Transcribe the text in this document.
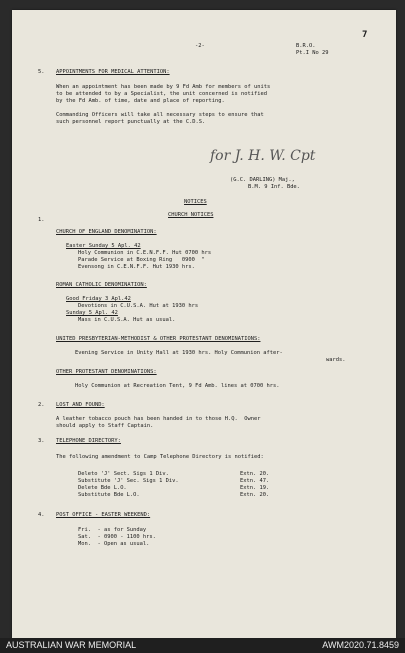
-2-	B.R.O.
Pt.I No 29
7
5. APPOINTMENTS FOR MEDICAL ATTENTION:
When an appointment has been made by 9 Fd Amb for members of units
to be attended to by a Specialist, the unit concerned is notified
by the Fd Amb. of time, date and place of reporting.
Commanding Officers will take all necessary steps to ensure that
such personnel report punctually at the C.D.S.
for J. H. W. Cpt
(G.C. DARLING) Maj.,
B.M. 9 Inf. Bde.
NOTICES
CHURCH NOTICES
1.
CHURCH OF ENGLAND DENOMINATION:
Easter Sunday 5 Apl. 42
Holy Communion in C.E.N.F.F. Hut 0700 hrs
Parade Service at Boxing Ring   0900  "
Evensong in C.E.N.F.F. Hut 1930 hrs.
ROMAN CATHOLIC DENOMINATION:
Good Friday 3 Apl.42
Devotions in C.U.S.A. Hut at 1930 hrs
Sunday 5 Apl. 42
Mass in C.U.S.A. Hut as usual.
UNITED PRESBYTERIAN-METHODIST & OTHER PROTESTANT DENOMINATIONS:
Evening Service in Unity Hall at 1930 hrs. Holy Communion after-
wards.
OTHER PROTESTANT DENOMINATIONS:
Holy Communion at Recreation Tent, 9 Fd Amb. lines at 0700 hrs.
2. LOST AND FOUND:
A leather tobacco pouch has been handed in to those H.Q.  Owner
should apply to Staff Captain.
3. TELEPHONE DIRECTORY:
The following amendment to Camp Telephone Directory is notified:
Deleto 'J' Sect. Sigs 1 Div.	Extn. 20.
Substitute 'J' Sec. Sigs 1 Div.	Extn. 47.
Delete Bde L.O.	Extn. 19.
Substitute Bde L.O.	Extn. 20.
4. POST OFFICE - EASTER WEEKEND:
Fri.  - as for Sunday
Sat.  - 0900 - 1100 hrs.
Mon.  - Open as usual.
AUSTRALIAN WAR MEMORIAL	AWM2020.71.8459
